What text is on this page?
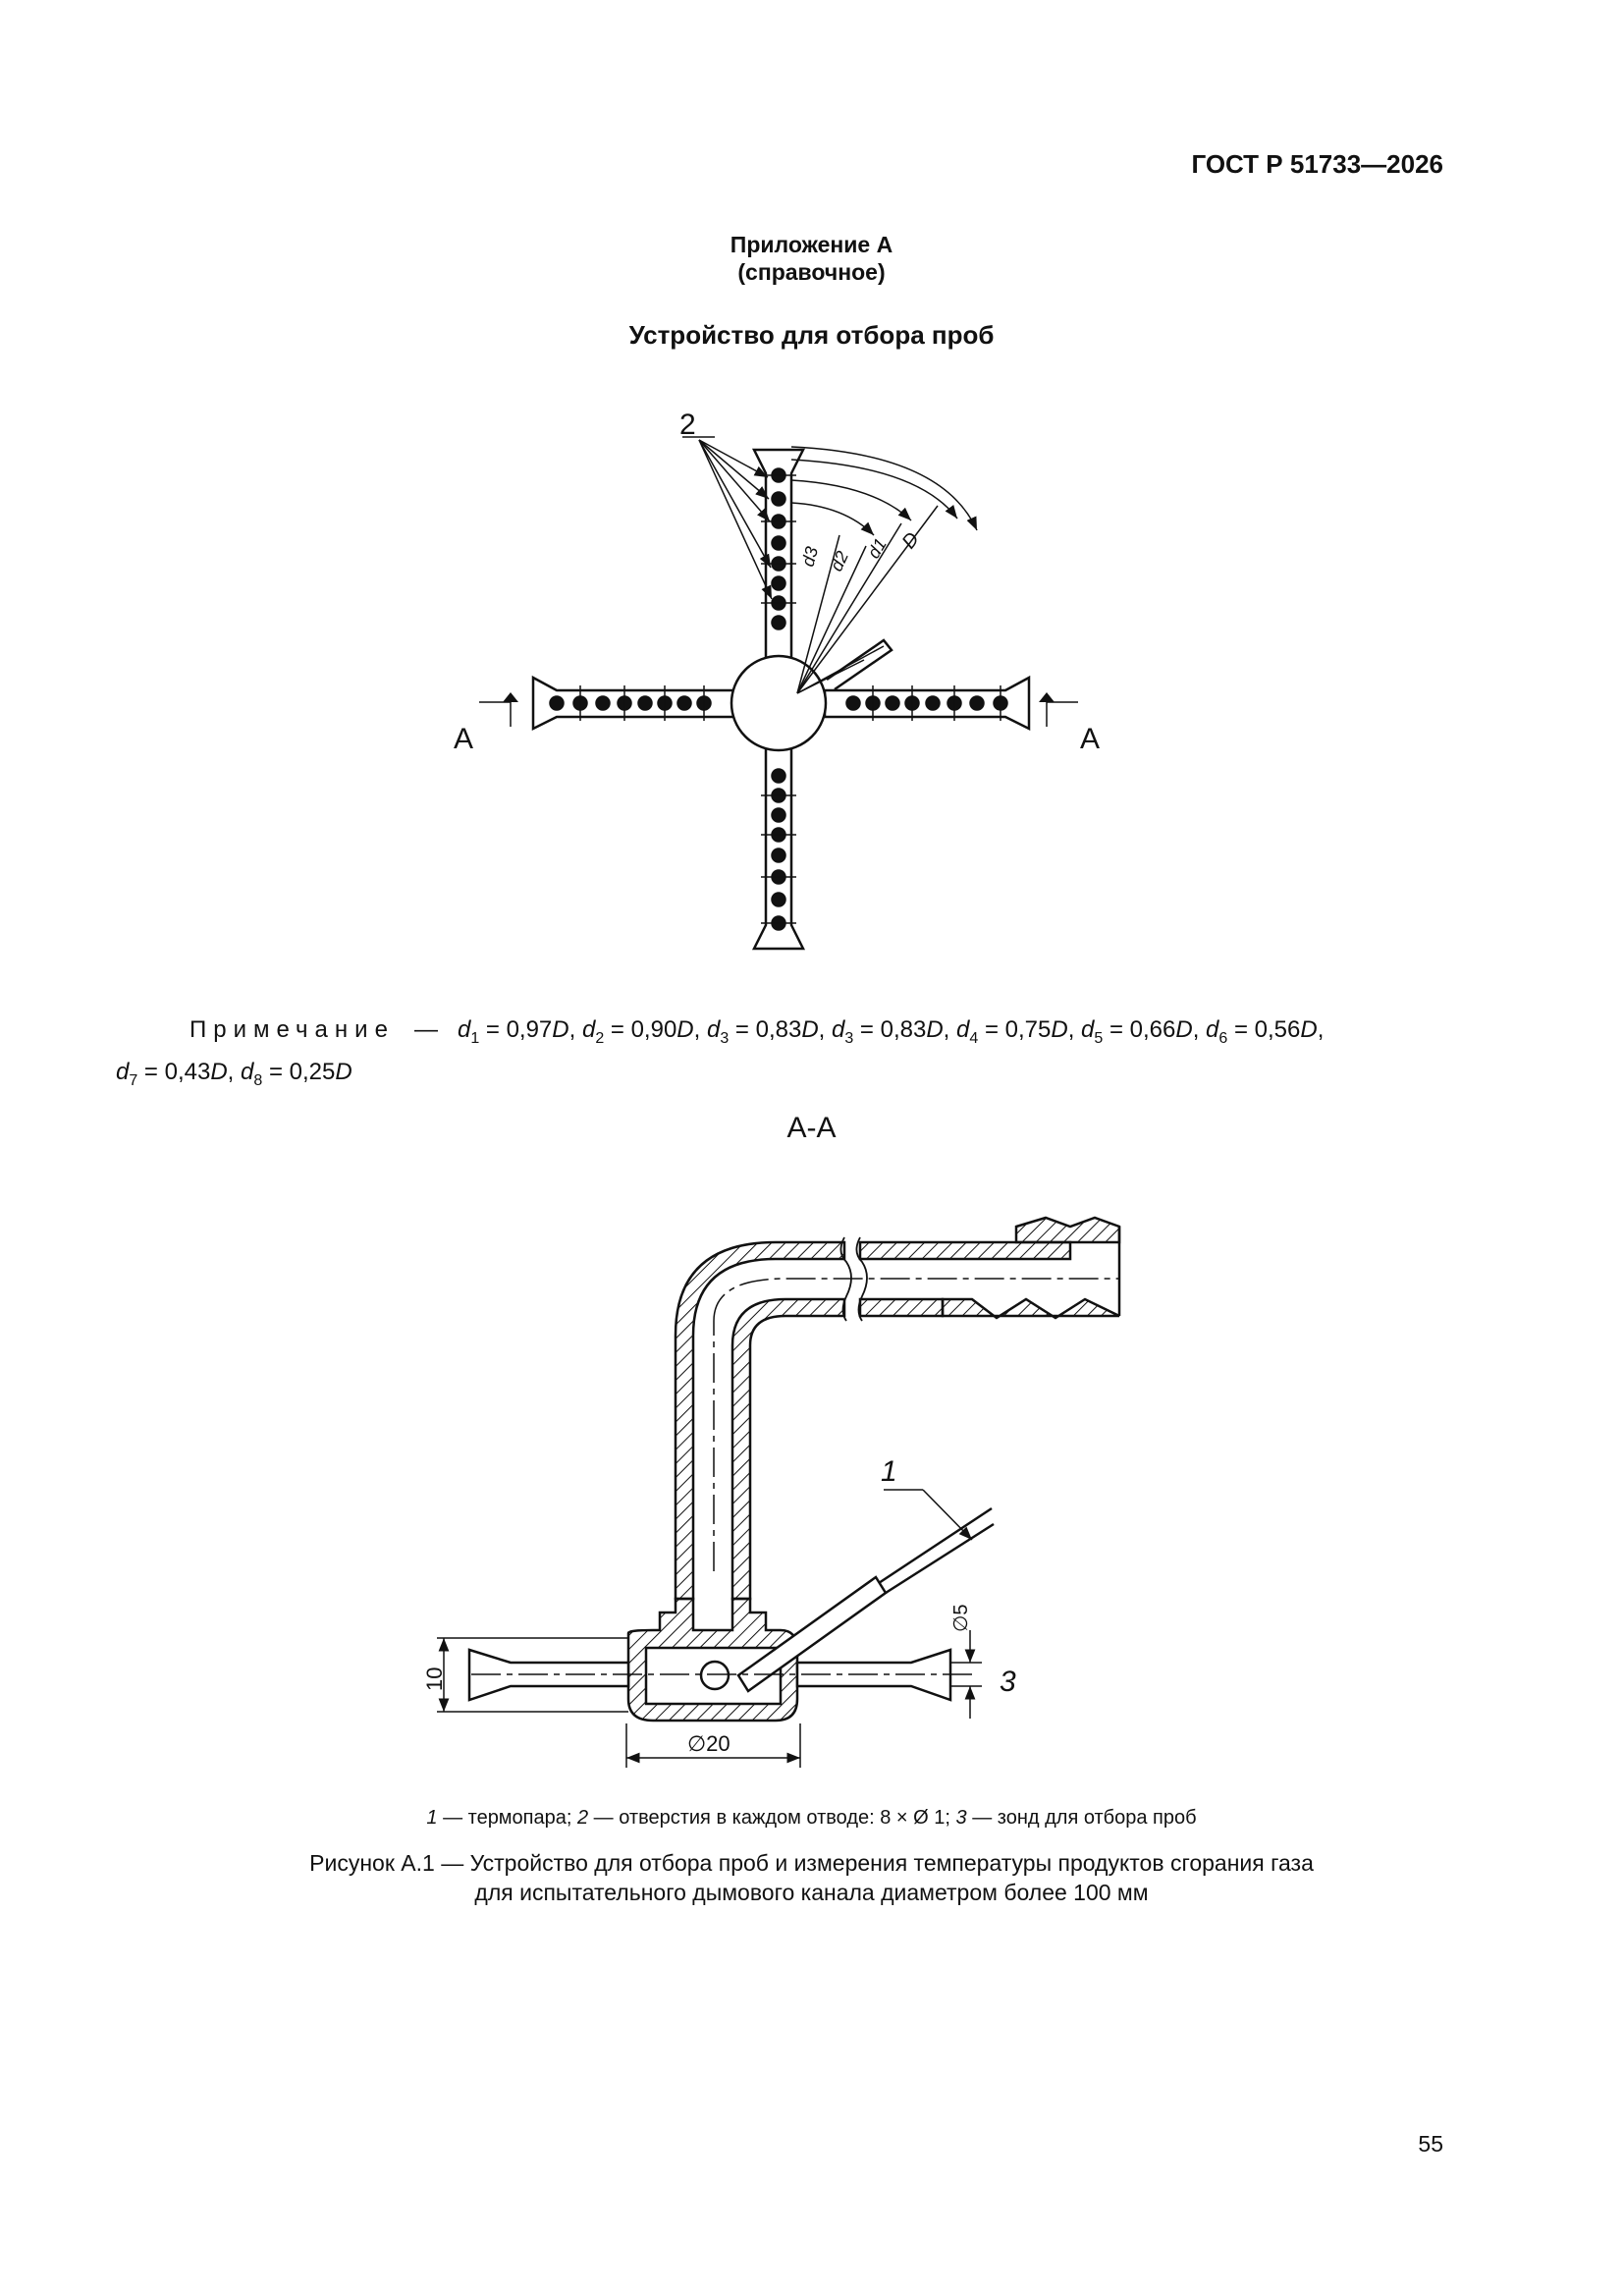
ГОСТ Р 51733—2026
Приложение А
(справочное)
Устройство для отбора проб
2
d3 d2 d1 D
А	А
Примечание — $d_1 = 0,97D$, $d_2 = 0,90D$, $d_3 = 0,83D$, $d_3 = 0,83D$, $d_4 = 0,75D$, $d_5 = 0,66D$, $d_6 = 0,56D$,
$d_7 = 0,43D$, $d_8 = 0,25D$
А-А
10
∅5
∅20
1
3
1 — термопара; 2 — отверстия в каждом отводе: 8 × Ø 1; 3 — зонд для отбора проб
Рисунок А.1 — Устройство для отбора проб и измерения температуры продуктов сгорания газа
для испытательного дымового канала диаметром более 100 мм
55
